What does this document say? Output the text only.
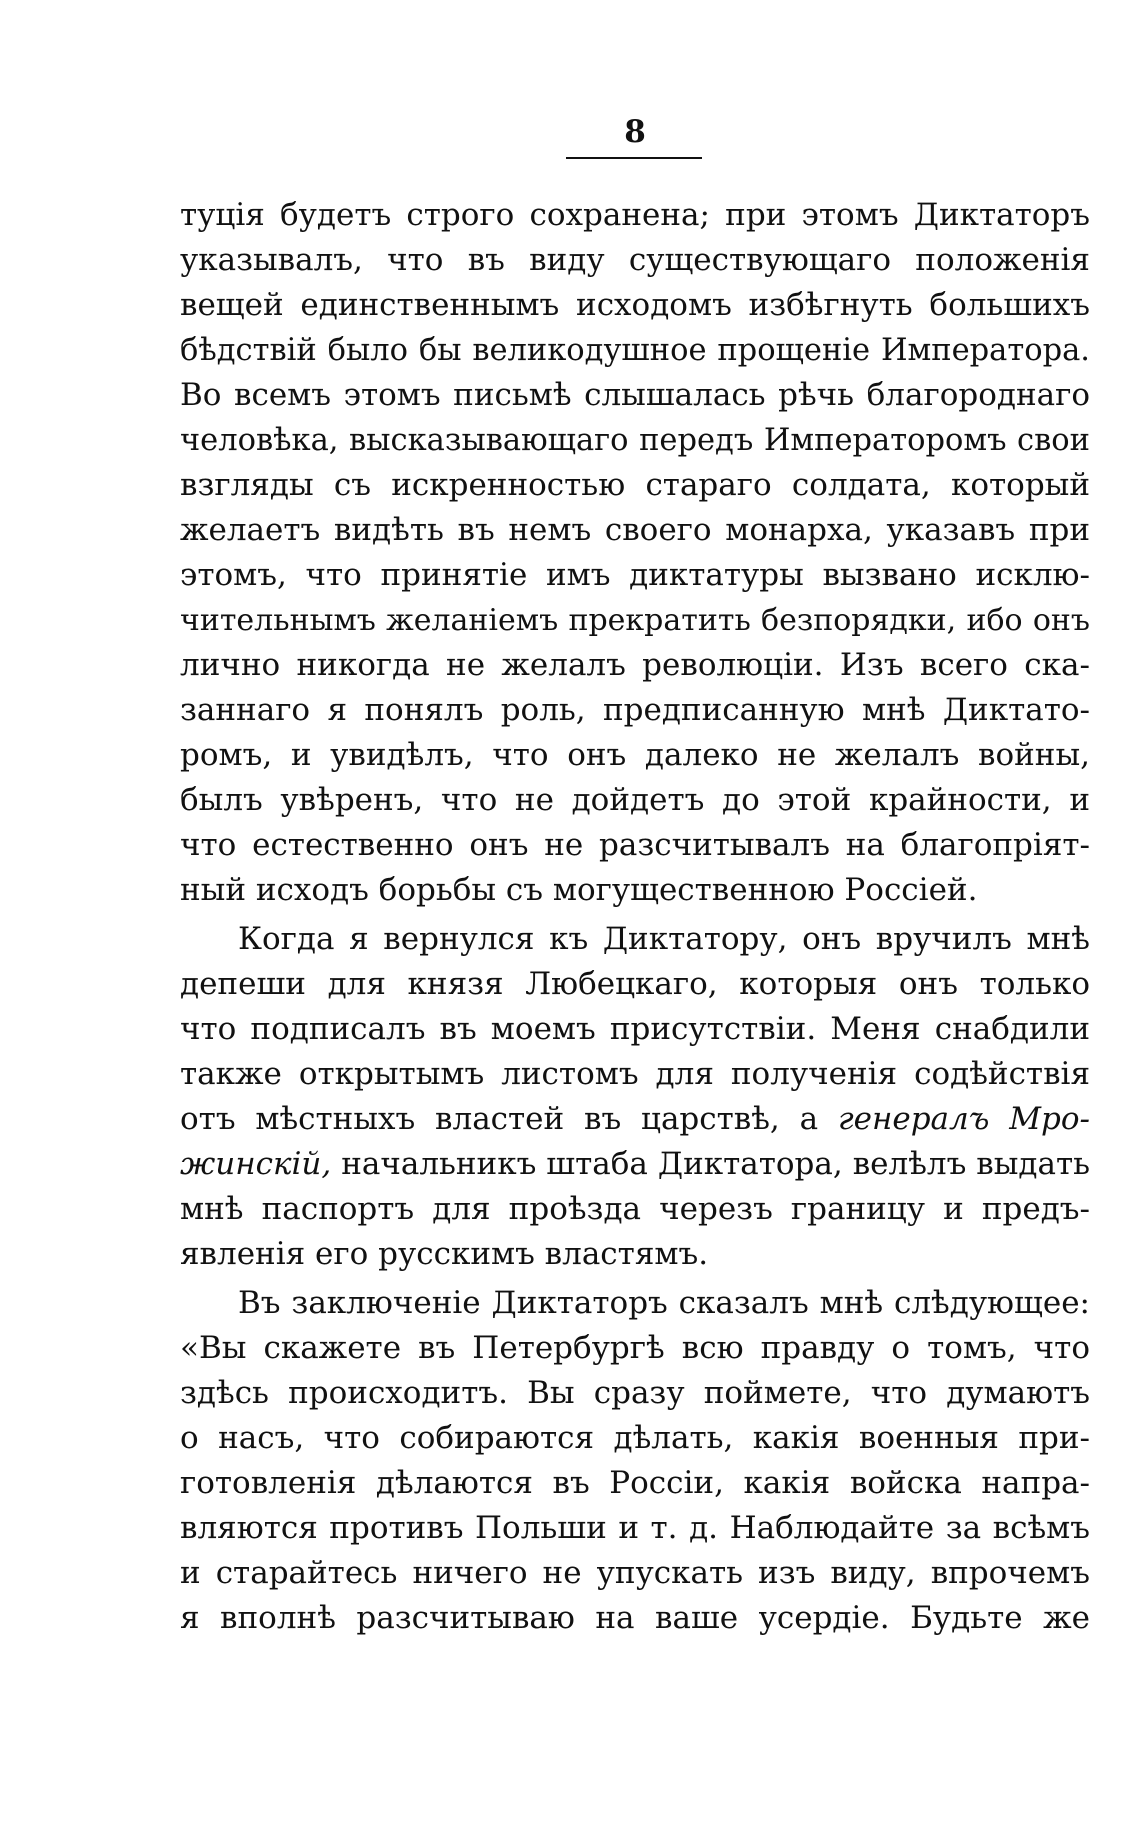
8
туція будетъ строго сохранена; при этомъ Диктаторъ
указывалъ, что въ виду существующаго положенія
вещей единственнымъ исходомъ избѣгнуть большихъ
бѣдствій было бы великодушное прощеніе Императора.
Во всемъ этомъ письмѣ слышалась рѣчь благороднаго
человѣка, высказывающаго передъ Императоромъ свои
взгляды съ искренностью стараго солдата, который
желаетъ видѣть въ немъ своего монарха, указавъ при
этомъ, что принятіе имъ диктатуры вызвано исклю-
чительнымъ желаніемъ прекратить безпорядки, ибо онъ
лично никогда не желалъ революціи. Изъ всего ска-
заннаго я понялъ роль, предписанную мнѣ Диктато-
ромъ, и увидѣлъ, что онъ далеко не желалъ войны,
былъ увѣренъ, что не дойдетъ до этой крайности, и
что естественно онъ не разсчитывалъ на благопріят-
ный исходъ борьбы съ могущественною Россіей.
Когда я вернулся къ Диктатору, онъ вручилъ мнѣ
депеши для князя Любецкаго, которыя онъ только
что подписалъ въ моемъ присутствіи. Меня снабдили
также открытымъ листомъ для полученія содѣйствія
отъ мѣстныхъ властей въ царствѣ, а генералъ Мро-
жинскій, начальникъ штаба Диктатора, велѣлъ выдать
мнѣ паспортъ для проѣзда черезъ границу и предъ-
явленія его русскимъ властямъ.
Въ заключеніе Диктаторъ сказалъ мнѣ слѣдующее:
«Вы скажете въ Петербургѣ всю правду о томъ, что
здѣсь происходитъ. Вы сразу поймете, что думаютъ
о насъ, что собираются дѣлать, какія военныя при-
готовленія дѣлаются въ Россіи, какія войска напра-
вляются противъ Польши и т. д. Наблюдайте за всѣмъ
и старайтесь ничего не упускать изъ виду, впрочемъ
я вполнѣ разсчитываю на ваше усердіе. Будьте же
